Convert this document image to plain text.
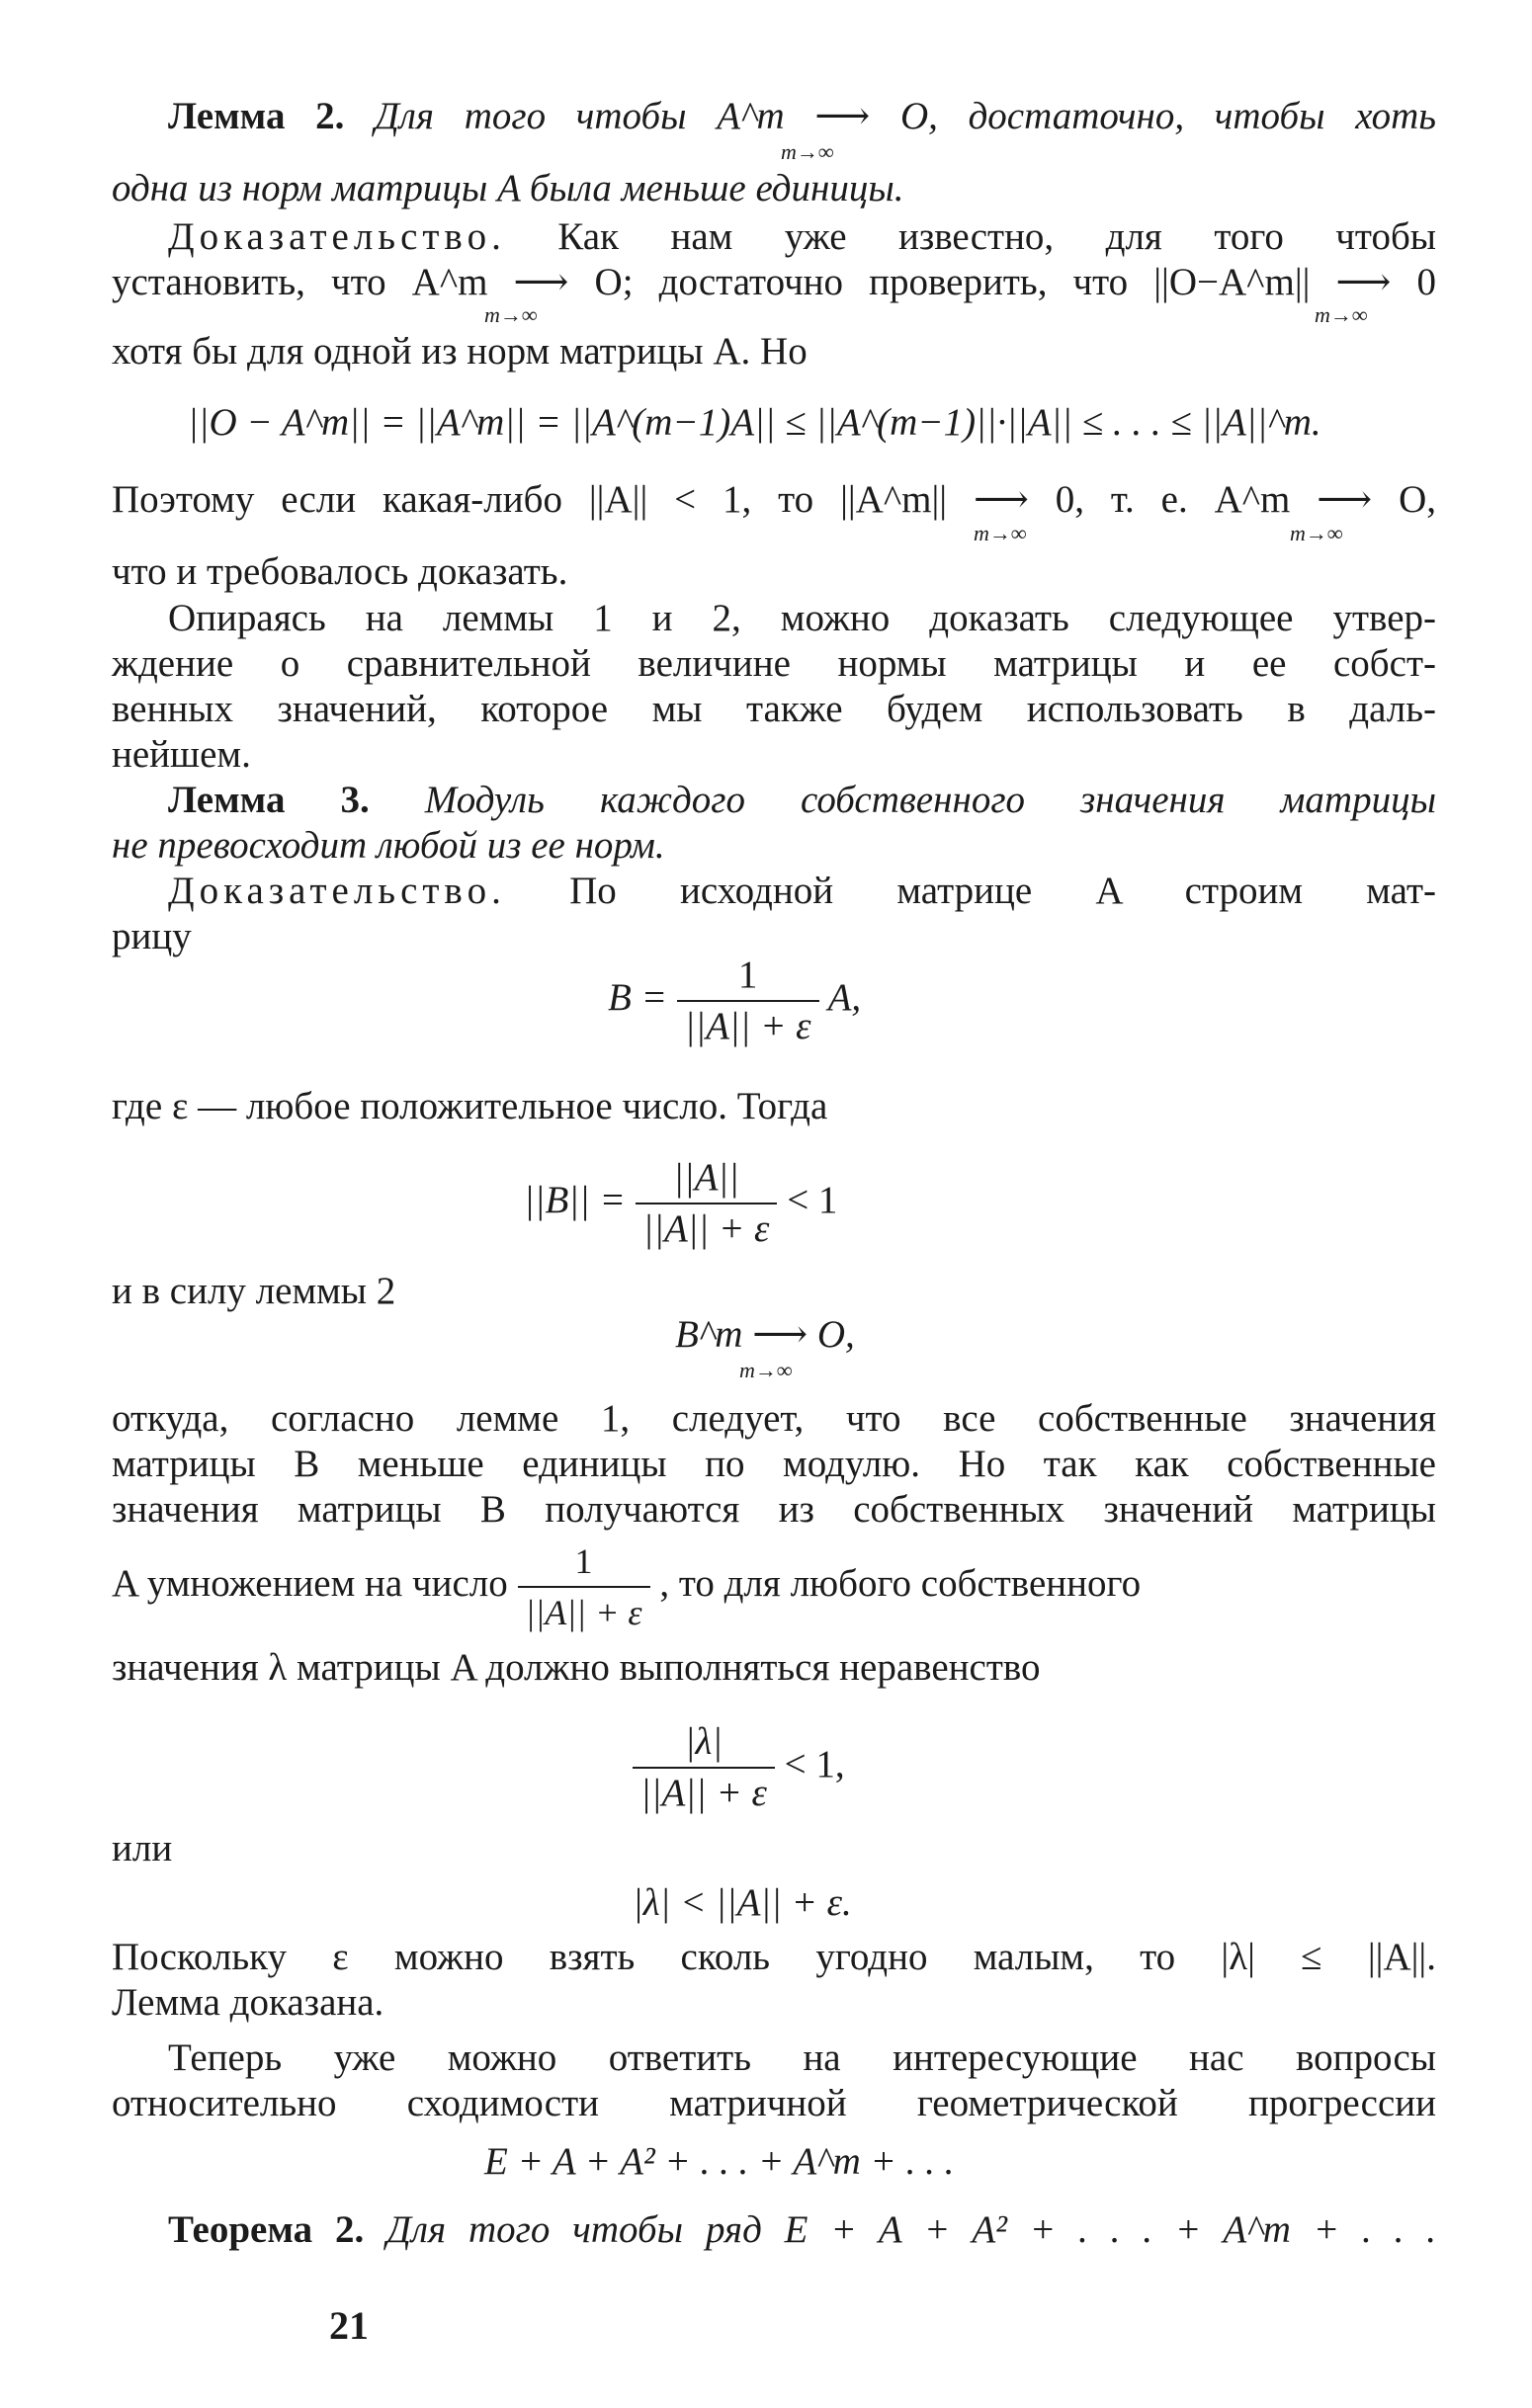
Лемма 2. Для того чтобы A^m ⟶ O, достаточно, чтобы хоть
m→∞
одна из норм матрицы A была меньше единицы.
Доказательство. Как нам уже известно, для того чтобы
установить, что A^m ⟶ O; достаточно проверить, что ||O−A^m|| ⟶ 0
m→∞	m→∞
хотя бы для одной из норм матрицы A. Но
||O − A^m|| = ||A^m|| = ||A^(m−1)A|| ≤ ||A^(m−1)||·||A|| ≤ . . . ≤ ||A||^m.
Поэтому если какая-либо ||A|| < 1, то ||A^m|| ⟶ 0, т. е. A^m ⟶ O,
m→∞	m→∞
что и требовалось доказать.
Опираясь на леммы 1 и 2, можно доказать следующее утвер-
ждение о сравнительной величине нормы матрицы и ее собст-
венных значений, которое мы также будем использовать в даль-
нейшем.
Лемма 3. Модуль каждого собственного значения матрицы
не превосходит любой из ее норм.
Доказательство. По исходной матрице A строим мат-
рицу
$B = \frac{1}{||A|| + \varepsilon} A$,
где ε — любое положительное число. Тогда
$||B|| = \frac{||A||}{||A|| + \varepsilon} < 1$
и в силу леммы 2
B^m ⟶ O,
m→∞
откуда, согласно лемме 1, следует, что все собственные значения
матрицы B меньше единицы по модулю. Но так как собственные
значения матрицы B получаются из собственных значений матрицы
A умножением на число $\frac{1}{||A|| + \varepsilon}$ , то для любого собственного
значения λ матрицы A должно выполняться неравенство
$\frac{|\lambda|}{||A|| + \varepsilon} < 1$,
или
|λ| < ||A|| + ε.
Поскольку ε можно взять сколь угодно малым, то |λ| ≤ ||A||.
Лемма доказана.
Теперь уже можно ответить на интересующие нас вопросы
относительно сходимости матричной геометрической прогрессии
E + A + A² + . . . + A^m + . . .
Теорема 2. Для того чтобы ряд E + A + A² + . . . + A^m + . . .
21
